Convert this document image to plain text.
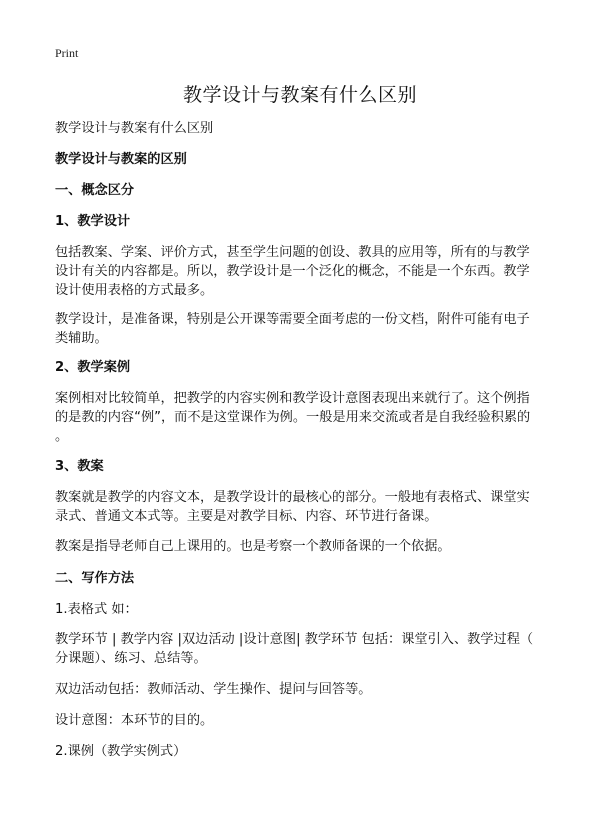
Print
教学设计与教案有什么区别
教学设计与教案有什么区别
教学设计与教案的区别
一、概念区分
1、教学设计
包括教案、学案、评价方式，甚至学生问题的创设、教具的应用等，所有的与教学
设计有关的内容都是。所以，教学设计是一个泛化的概念，不能是一个东西。教学
设计使用表格的方式最多。
教学设计，是准备课，特别是公开课等需要全面考虑的一份文档，附件可能有电子
类辅助。
2、教学案例
案例相对比较简单，把教学的内容实例和教学设计意图表现出来就行了。这个例指
的是教的内容“例”，而不是这堂课作为例。一般是用来交流或者是自我经验积累的
。
3、教案
教案就是教学的内容文本，是教学设计的最核心的部分。一般地有表格式、课堂实
录式、普通文本式等。主要是对教学目标、内容、环节进行备课。
教案是指导老师自己上课用的。也是考察一个教师备课的一个依据。
二、写作方法
1.表格式 如：
教学环节 | 教学内容 |双边活动 |设计意图| 教学环节 包括：课堂引入、教学过程（
分课题）、练习、总结等。
双边活动包括：教师活动、学生操作、提问与回答等。
设计意图：本环节的目的。
2.课例（教学实例式）
